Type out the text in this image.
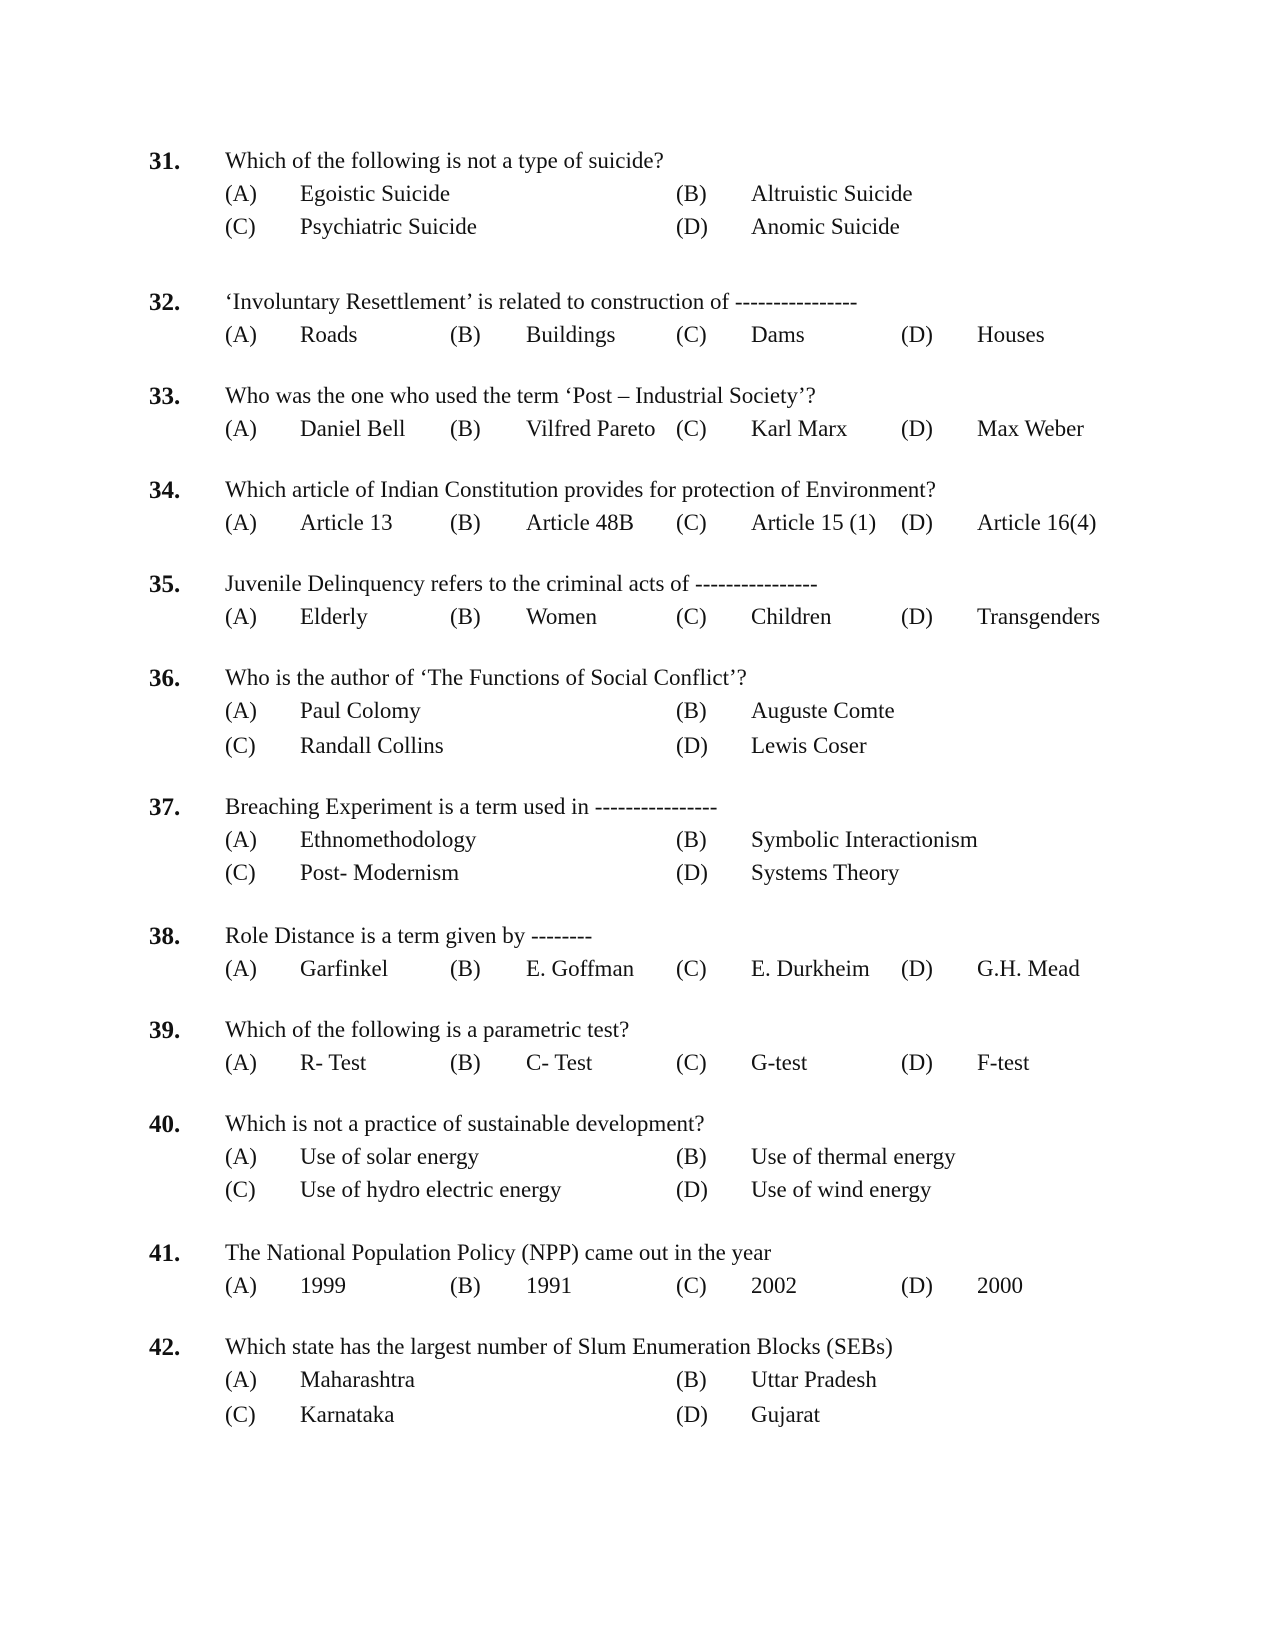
31. Which of the following is not a type of suicide?
(A) Egoistic Suicide	(B) Altruistic Suicide
(C) Psychiatric Suicide	(D) Anomic Suicide
32. ‘Involuntary Resettlement’ is related to construction of ----------------
(A) Roads	(B) Buildings	(C) Dams	(D) Houses
33. Who was the one who used the term ‘Post – Industrial Society’?
(A) Daniel Bell (B) Vilfred Pareto (C) Karl Marx (D) Max Weber
34. Which article of Indian Constitution provides for protection of Environment?
(A) Article 13 (B) Article 48B (C) Article 15 (1) (D) Article 16(4)
35. Juvenile Delinquency refers to the criminal acts of ----------------
(A) Elderly	(B) Women	(C) Children	(D) Transgenders
36. Who is the author of ‘The Functions of Social Conflict’?
(A) Paul Colomy	(B) Auguste Comte
(C) Randall Collins	(D) Lewis Coser
37. Breaching Experiment is a term used in ----------------
(A) Ethnomethodology	(B) Symbolic Interactionism
(C) Post- Modernism	(D) Systems Theory
38. Role Distance is a term given by --------
(A) Garfinkel	(B) E. Goffman (C) E. Durkheim (D) G.H. Mead
39. Which of the following is a parametric test?
(A) R- Test	(B) C- Test	(C) G-test	(D) F-test
40. Which is not a practice of sustainable development?
(A) Use of solar energy	(B) Use of thermal energy
(C) Use of hydro electric energy	(D) Use of wind energy
41. The National Population Policy (NPP) came out in the year
(A) 1999	(B) 1991	(C) 2002	(D) 2000
42. Which state has the largest number of Slum Enumeration Blocks (SEBs)
(A) Maharashtra	(B) Uttar Pradesh
(C) Karnataka	(D) Gujarat
